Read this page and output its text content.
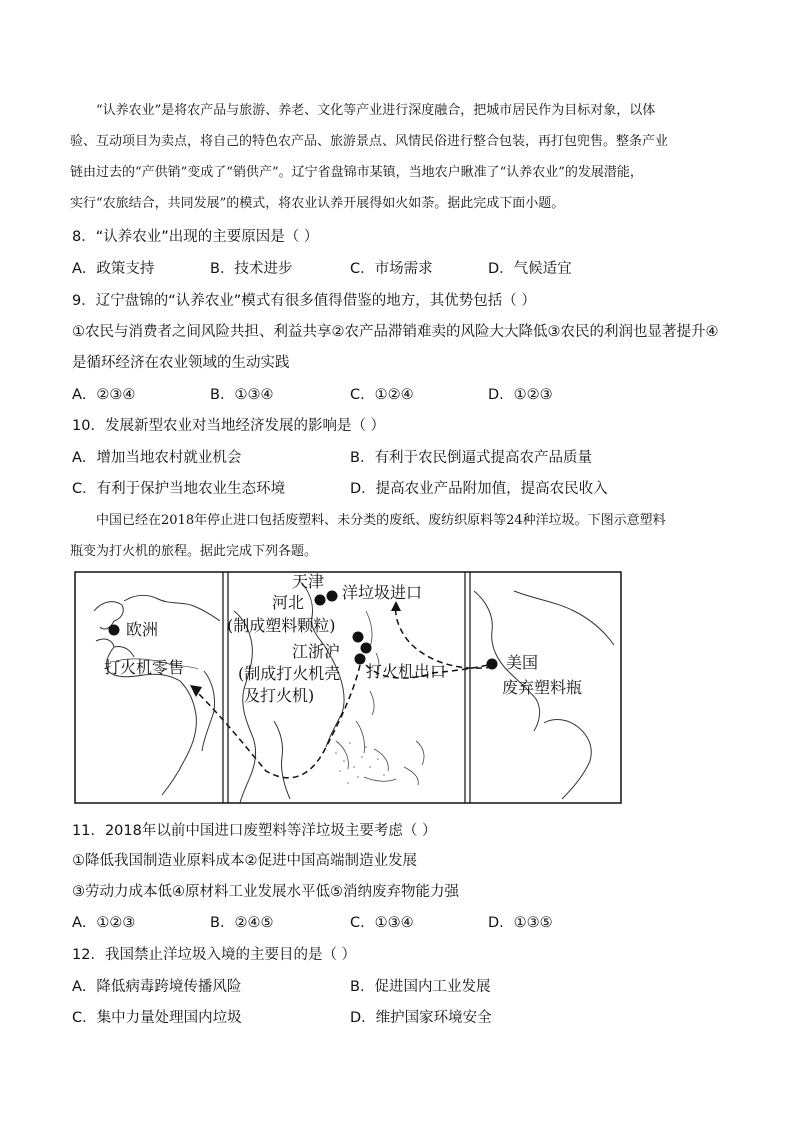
“认养农业”是将农产品与旅游、养老、文化等产业进行深度融合，把城市居民作为目标对象，以体
验、互动项目为卖点，将自己的特色农产品、旅游景点、风情民俗进行整合包装，再打包兜售。整条产业
链由过去的“产供销”变成了“销供产”。辽宁省盘锦市某镇，当地农户瞅准了“认养农业”的发展潜能，
实行“农旅结合，共同发展”的模式，将农业认养开展得如火如荼。据此完成下面小题。
8．“认养农业”出现的主要原因是（ ）
A．政策支持	B．技术进步	C．市场需求	D．气候适宜
9．辽宁盘锦的“认养农业”模式有很多值得借鉴的地方，其优势包括（ ）
①农民与消费者之间风险共担、利益共享②农产品滞销难卖的风险大大降低③农民的利润也显著提升④
是循环经济在农业领域的生动实践
A．②③④	B．①③④	C．①②④	D．①②③
10．发展新型农业对当地经济发展的影响是（ ）
A．增加当地农村就业机会	B．有利于农民倒逼式提高农产品质量
C．有利于保护当地农业生态环境	D．提高农业产品附加值，提高农民收入
中国已经在2018年停止进口包括废塑料、未分类的废纸、废纺织原料等24种洋垃圾。下图示意塑料
瓶变为打火机的旅程。据此完成下列各题。
天津
河北
洋垃圾进口
(制成塑料颗粒)
江浙沪
(制成打火机壳
及打火机)
打火机出口
欧洲
打火机零售	美国
废弃塑料瓶
11．2018年以前中国进口废塑料等洋垃圾主要考虑（ ）
①降低我国制造业原料成本②促进中国高端制造业发展
③劳动力成本低④原材料工业发展水平低⑤消纳废弃物能力强
A．①②③	B．②④⑤	C．①③④	D．①③⑤
12．我国禁止洋垃圾入境的主要目的是（ ）
A．降低病毒跨境传播风险	B．促进国内工业发展
C．集中力量处理国内垃圾	D．维护国家环境安全
